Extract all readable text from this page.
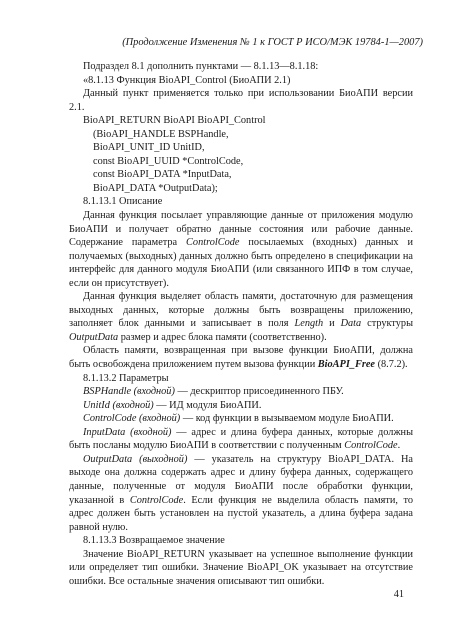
(Продолжение Изменения № 1 к ГОСТ Р ИСО/МЭК 19784-1—2007)

Подраздел 8.1 дополнить пунктами — 8.1.13—8.1.18:

«8.1.13 Функция BioAPI_Control (БиоАПИ 2.1)

Данный пункт применяется только при использовании БиоАПИ версии 2.1.

BioAPI_RETURN BioAPI BioAPI_Control

(BioAPI_HANDLE BSPHandle,

BioAPI_UNIT_ID UnitID,

const BioAPI_UUID *ControlCode,

const BioAPI_DATA *InputData,

BioAPI_DATA *OutputData);

8.1.13.1 Описание

Данная функция посылает управляющие данные от приложения модулю БиоАПИ и получает обратно данные состояния или рабочие данные. Содержание параметра ControlCode посылаемых (входных) данных и получаемых (выходных) данных должно быть определено в спецификации на интерфейс для данного модуля БиоАПИ (или связанного ИПФ в том случае, если он присутствует).

Данная функция выделяет область памяти, достаточную для размещения выходных данных, которые должны быть возвращены приложению, заполняет блок данными и записывает в поля Length и Data структуры OutputData размер и адрес блока памяти (соответственно).

Область памяти, возвращенная при вызове функции БиоАПИ, должна быть освобождена приложением путем вызова функции BioAPI_Free (8.7.2).

8.1.13.2 Параметры

BSPHandle (входной) — дескриптор присоединенного ПБУ.

UnitId (входной) — ИД модуля БиоАПИ.

ControlCode (входной) — код функции в вызываемом модуле БиоАПИ.

InputData (входной) — адрес и длина буфера данных, которые должны быть посланы модулю БиоАПИ в соответствии с полученным ControlCode.

OutputData (выходной) — указатель на структуру BioAPI_DATA. На выходе она должна содержать адрес и длину буфера данных, содержащего данные, полученные от модуля БиоАПИ после обработки функции, указанной в ControlCode. Если функция не выделила область памяти, то адрес должен быть установлен на пустой указатель, а длина буфера задана равной нулю.

8.1.13.3 Возвращаемое значение

Значение BioAPI_RETURN указывает на успешное выполнение функции или определяет тип ошибки. Значение BioAPI_OK указывает на отсутствие ошибки. Все остальные значения описывают тип ошибки.

41
